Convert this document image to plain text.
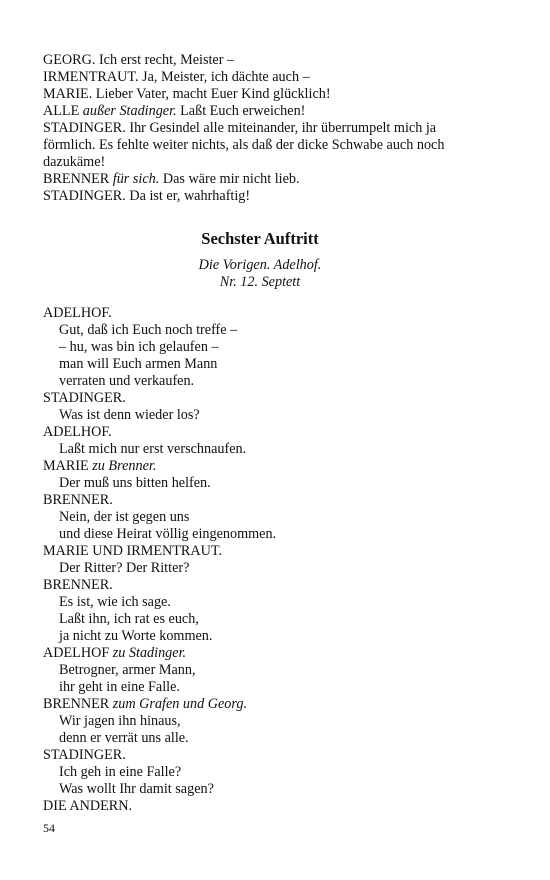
GEORG. Ich erst recht, Meister –
IRMENTRAUT. Ja, Meister, ich dächte auch –
MARIE. Lieber Vater, macht Euer Kind glücklich!
ALLE außer Stadinger. Laßt Euch erweichen!
STADINGER. Ihr Gesindel alle miteinander, ihr überrumpelt mich ja
förmlich. Es fehlte weiter nichts, als daß der dicke Schwabe auch noch
dazukäme!
BRENNER für sich. Das wäre mir nicht lieb.
STADINGER. Da ist er, wahrhaftig!
Sechster Auftritt
Die Vorigen. Adelhof.
Nr. 12. Septett
ADELHOF.
Gut, daß ich Euch noch treffe –
– hu, was bin ich gelaufen –
man will Euch armen Mann
verraten und verkaufen.
STADINGER.
Was ist denn wieder los?
ADELHOF.
Laßt mich nur erst verschnaufen.
MARIE zu Brenner.
Der muß uns bitten helfen.
BRENNER.
Nein, der ist gegen uns
und diese Heirat völlig eingenommen.
MARIE UND IRMENTRAUT.
Der Ritter? Der Ritter?
BRENNER.
Es ist, wie ich sage.
Laßt ihn, ich rat es euch,
ja nicht zu Worte kommen.
ADELHOF zu Stadinger.
Betrogner, armer Mann,
ihr geht in eine Falle.
BRENNER zum Grafen und Georg.
Wir jagen ihn hinaus,
denn er verrät uns alle.
STADINGER.
Ich geh in eine Falle?
Was wollt Ihr damit sagen?
DIE ANDERN.
54
